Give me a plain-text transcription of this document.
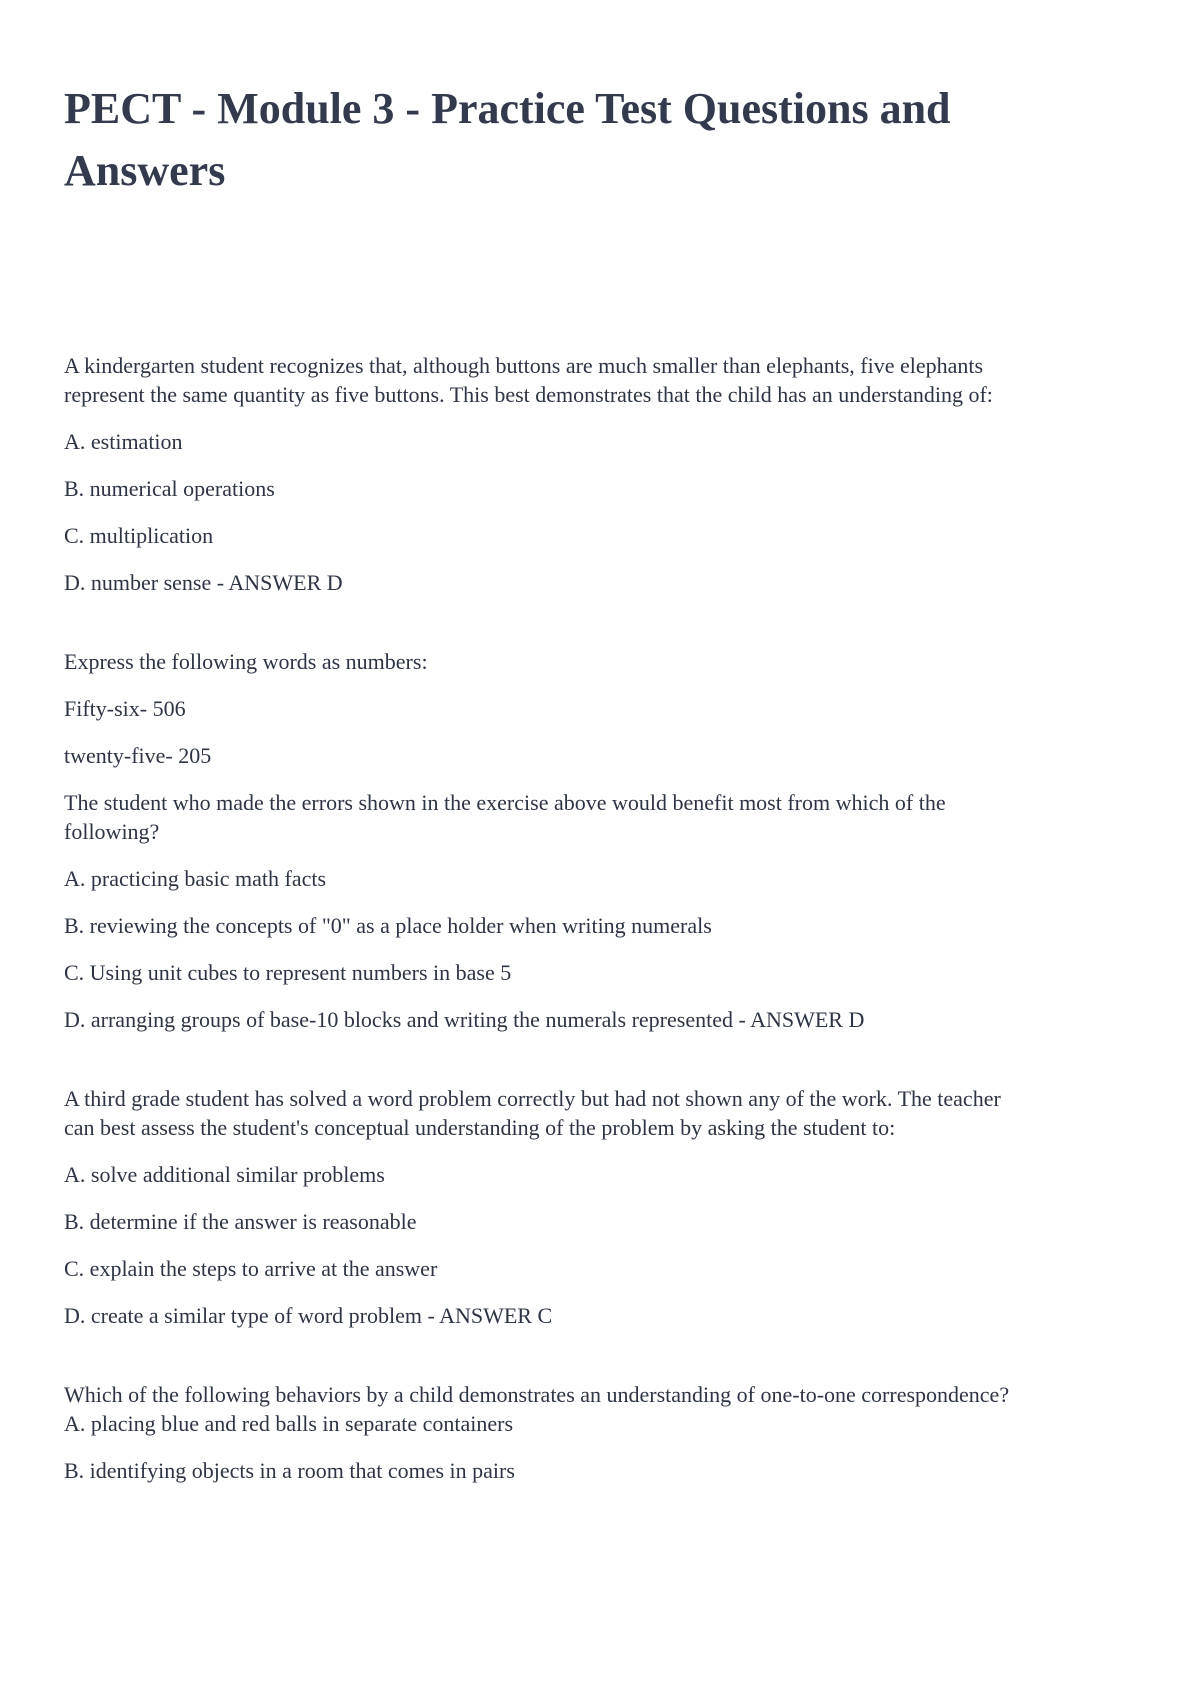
PECT - Module 3 - Practice Test Questions and Answers

A kindergarten student recognizes that, although buttons are much smaller than elephants, five elephants represent the same quantity as five buttons. This best demonstrates that the child has an understanding of:

A. estimation

B. numerical operations

C. multiplication

D. number sense - ANSWER D

Express the following words as numbers:

Fifty-six- 506

twenty-five- 205

The student who made the errors shown in the exercise above would benefit most from which of the following?

A. practicing basic math facts

B. reviewing the concepts of "0" as a place holder when writing numerals

C. Using unit cubes to represent numbers in base 5

D. arranging groups of base-10 blocks and writing the numerals represented - ANSWER D

A third grade student has solved a word problem correctly but had not shown any of the work. The teacher can best assess the student's conceptual understanding of the problem by asking the student to:

A. solve additional similar problems

B. determine if the answer is reasonable

C. explain the steps to arrive at the answer

D. create a similar type of word problem - ANSWER C

Which of the following behaviors by a child demonstrates an understanding of one-to-one correspondence?

A. placing blue and red balls in separate containers

B. identifying objects in a room that comes in pairs
